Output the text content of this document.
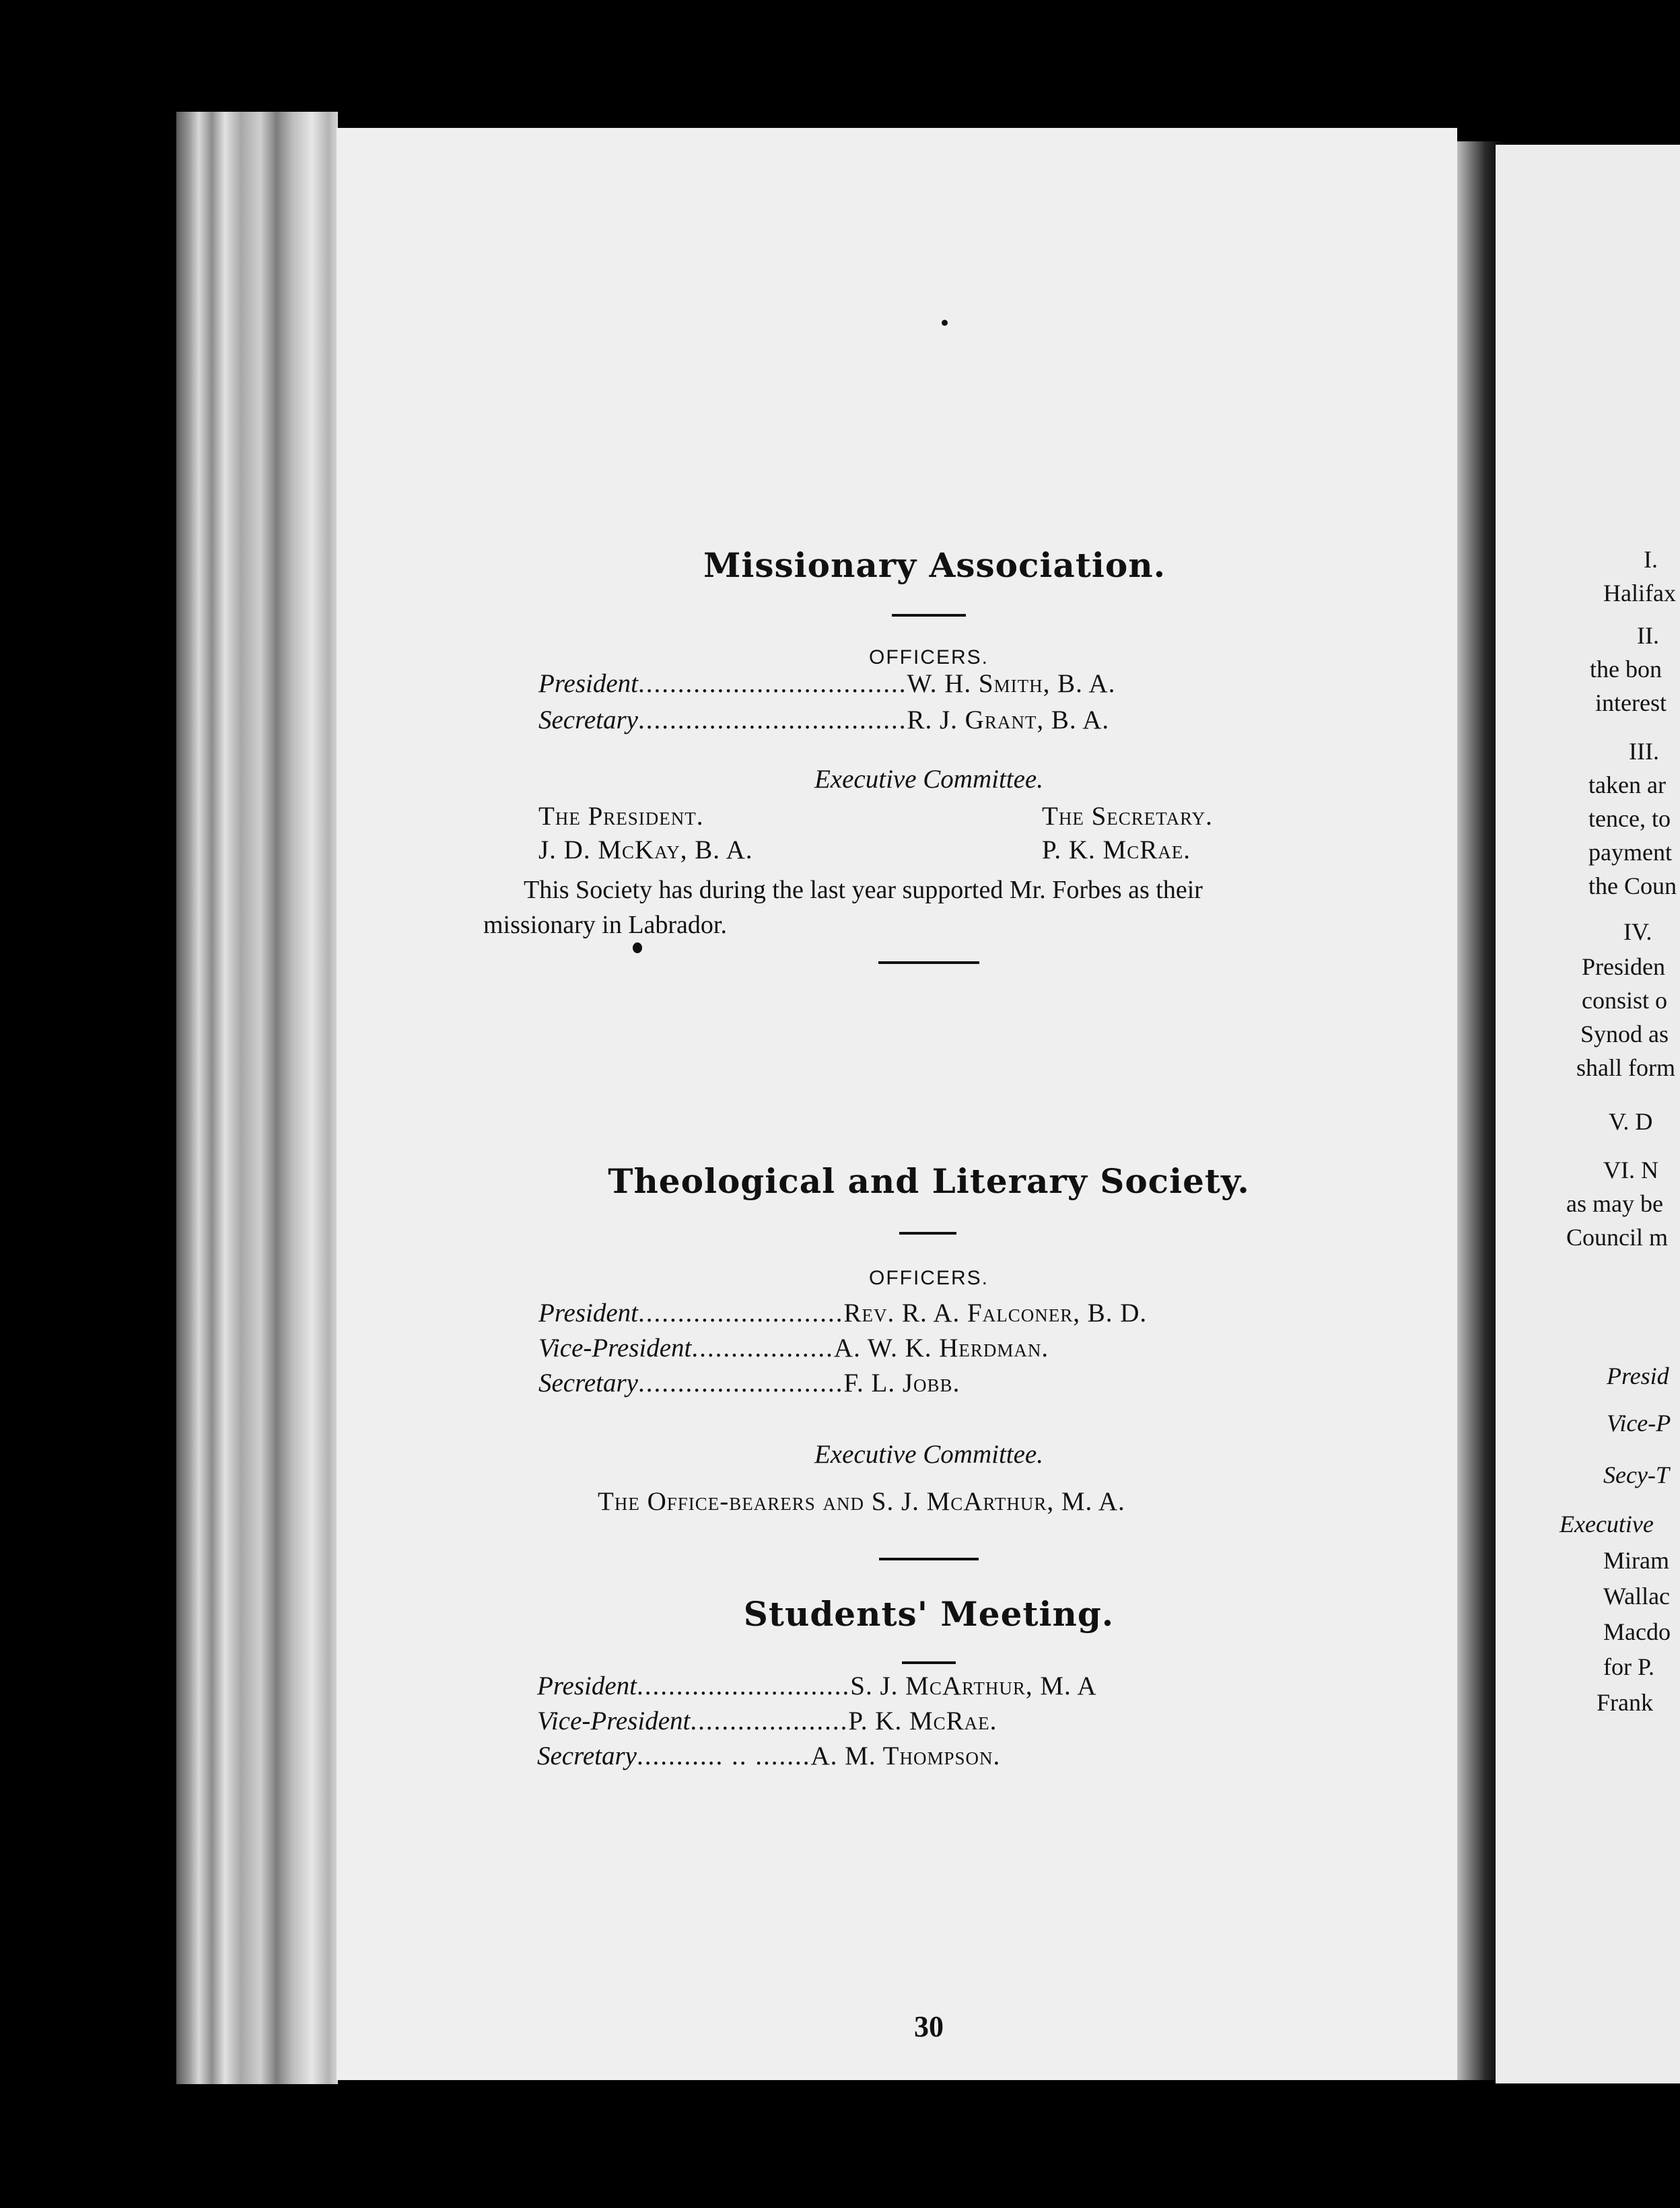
Missionary Association.
OFFICERS.
President..................................W. H. Smith, B. A.
Secretary..................................R. J. Grant, B. A.
Executive Committee.
The President.	The Secretary.
J. D. McKay, B. A.	P. K. McRae.
This Society has during the last year supported Mr. Forbes as their
missionary in Labrador.
Theological and Literary Society.
OFFICERS.
President..........................Rev. R. A. Falconer, B. D.
Vice-President..................A. W. K. Herdman.
Secretary..........................F. L. Jobb.
Executive Committee.
The Office-bearers and S. J. McArthur, M. A.
Students' Meeting.
President...........................S. J. McArthur, M. A
Vice-President....................P. K. McRae.
Secretary........... .. .......A. M. Thompson.
30
I.
Halifax
II.
the bon
interest
III.
taken ar
tence, to
payment
the Coun
IV.
Presiden
consist o
Synod as
shall form
V. D
VI. N
as may be
Council m
Presid
Vice-P
Secy-T
Executive
Miram
Wallac
Macdo
for P.
Frank
